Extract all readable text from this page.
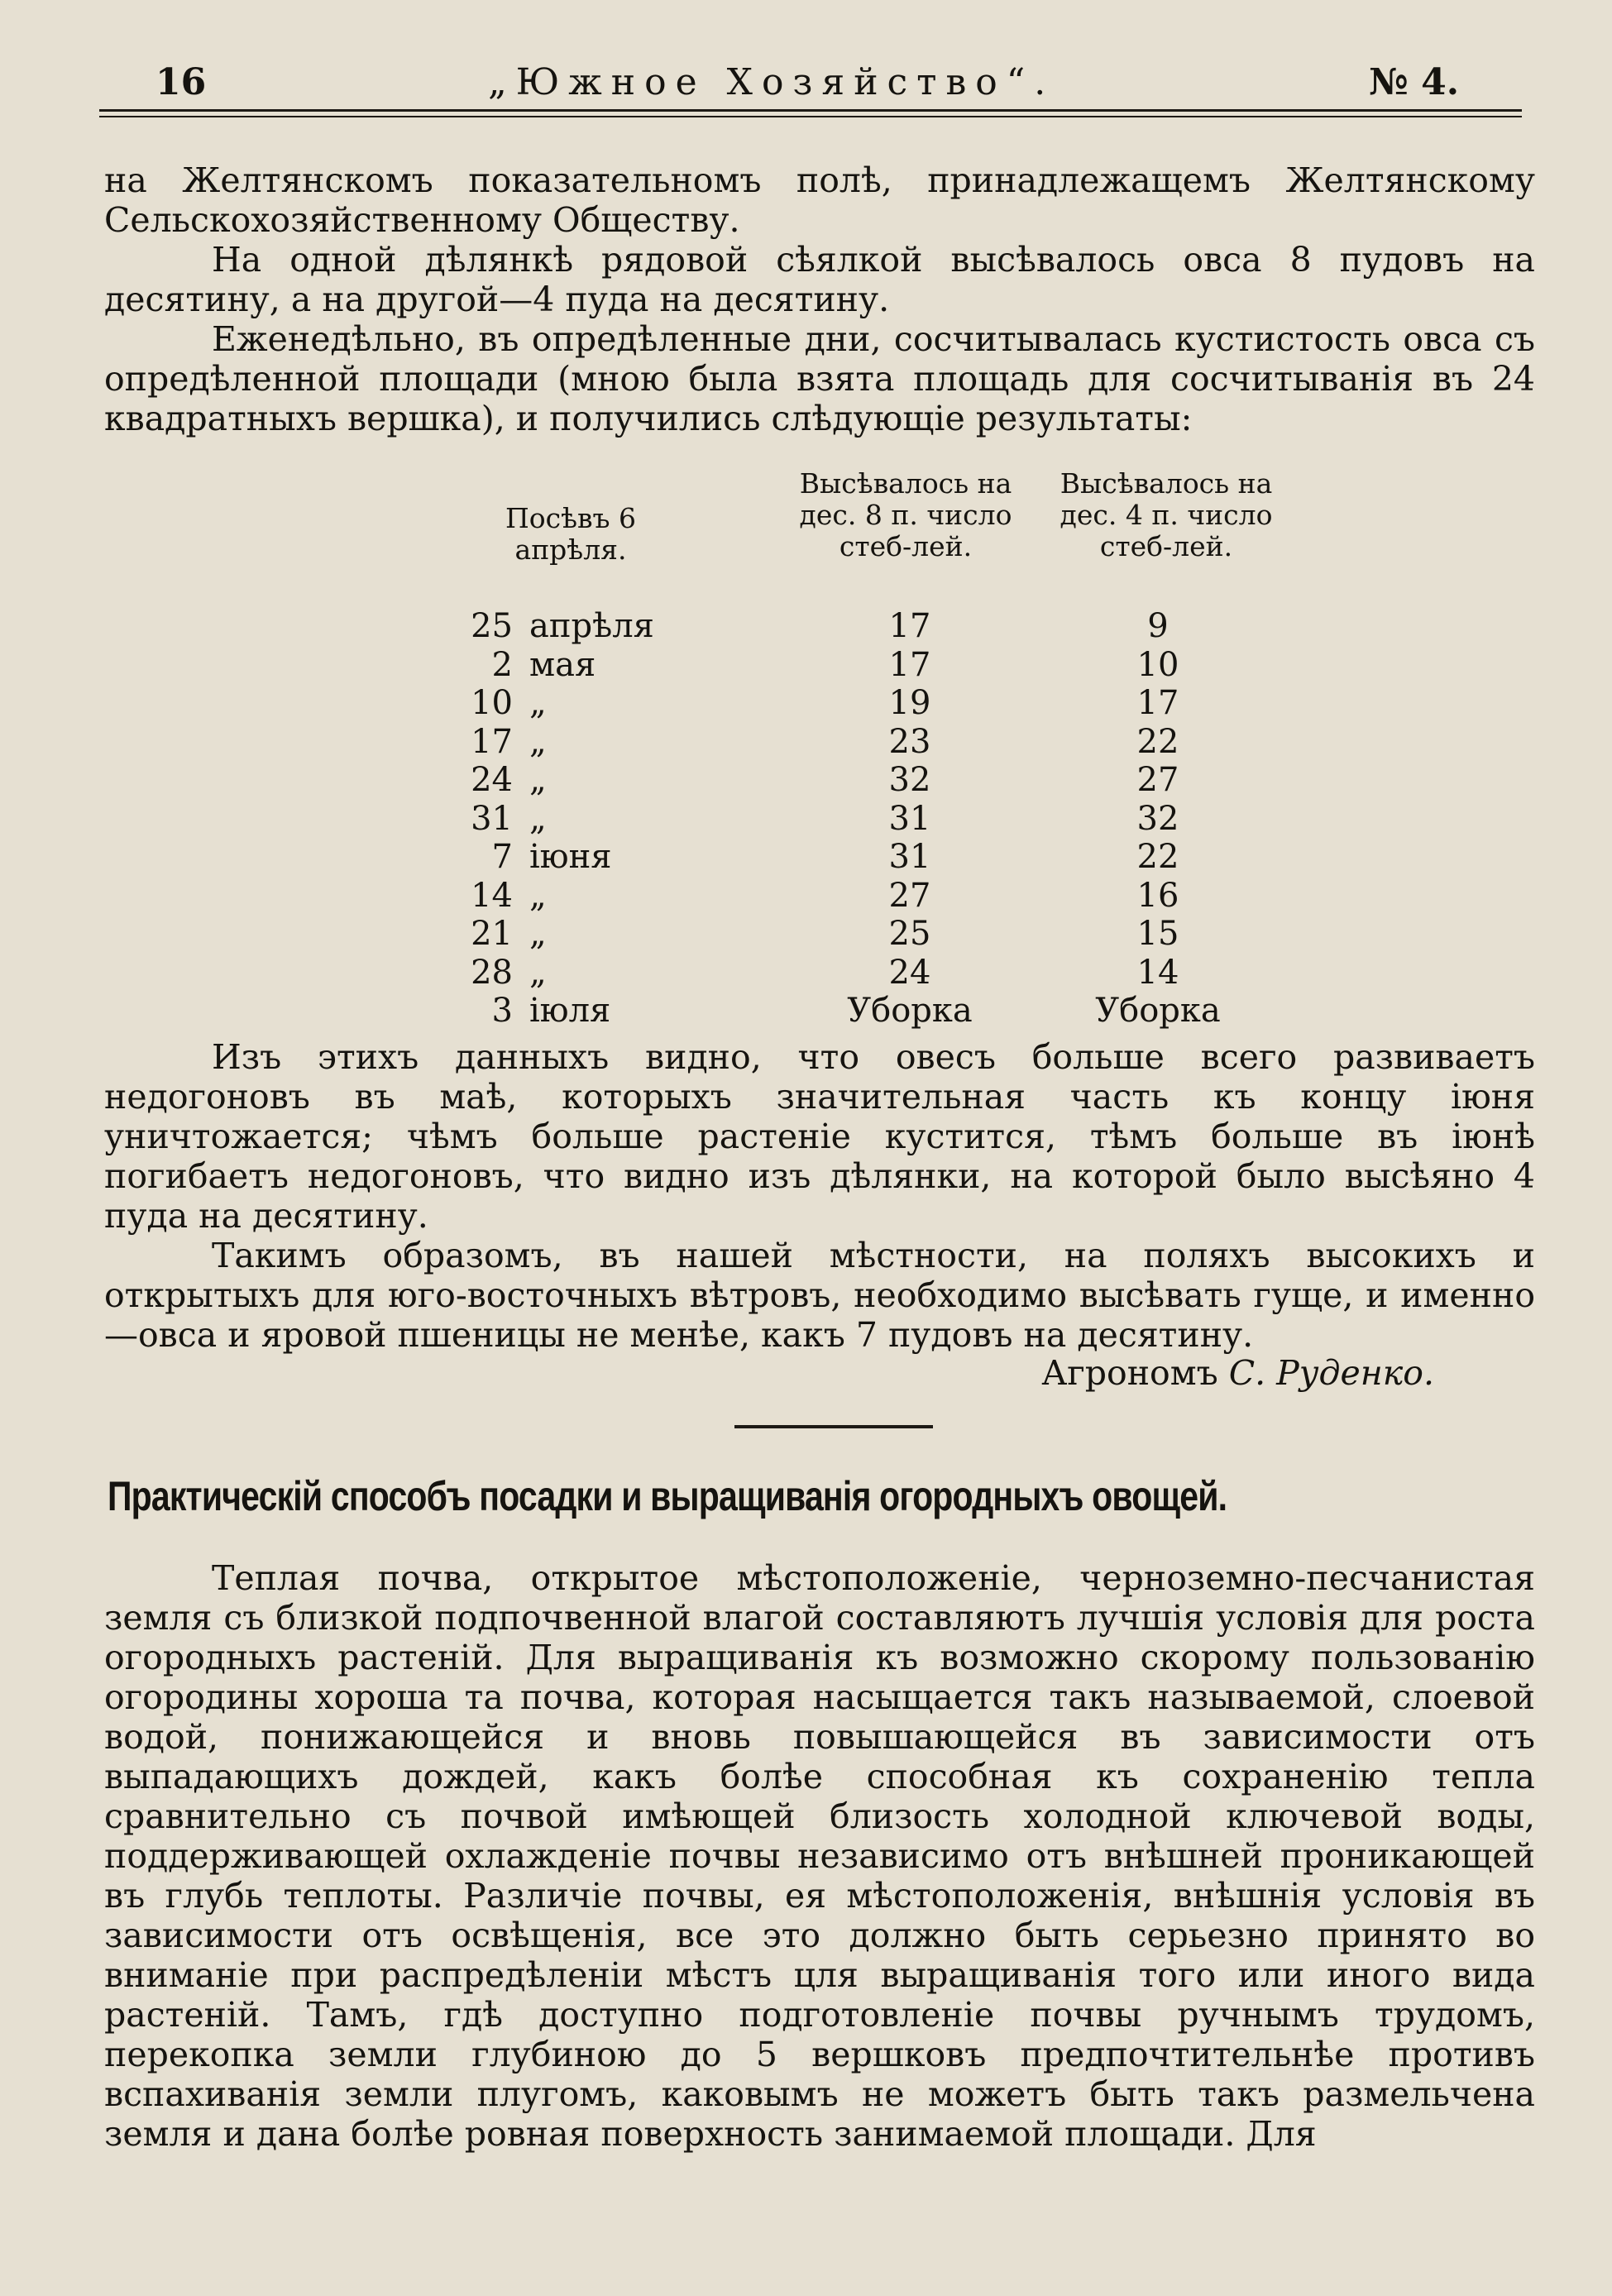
16	„Южное Хозяйство“.	№ 4.

на Желтянскомъ показательномъ полѣ, принадлежащемъ Желтянскому Сельскохозяйственному Обществу.

На одной дѣлянкѣ рядовой сѣялкой высѣвалось овса 8 пудовъ на десятину, а на другой—4 пуда на десятину.

Еженедѣльно, въ опредѣленные дни, сосчитывалась кустистость овса съ опредѣленной площади (мною была взята площадь для сосчитыванія въ 24 квадратныхъ вершка), и получились слѣдующіе результаты:

Посѣвъ 6 апрѣля.
Высѣвалось на дес. 8 п. число стеб-лей.
Высѣвалось на дес. 4 п. число стеб-лей.
25 апрѣля	17	9
2 мая	17	10
10 „	19	17
17 „	23	22
24 „	32	27
31 „	31	32
7 іюня	31	22
14 „	27	16
21 „	25	15
28 „	24	14
3 іюля	Уборка	Уборка

Изъ этихъ данныхъ видно, что овесъ больше всего развиваетъ недогоновъ въ маѣ, которыхъ значительная часть къ концу іюня уничтожается; чѣмъ больше растеніе кустится, тѣмъ больше въ іюнѣ погибаетъ недогоновъ, что видно изъ дѣлянки, на которой было высѣяно 4 пуда на десятину.

Такимъ образомъ, въ нашей мѣстности, на поляхъ высокихъ и открытыхъ для юго-восточныхъ вѣтровъ, необходимо высѣвать гуще, и именно—овса и яровой пшеницы не менѣе, какъ 7 пудовъ на десятину.

Агрономъ С. Руденко.
Практическій способъ посадки и выращиванія огородныхъ овощей.

Теплая почва, открытое мѣстоположеніе, черноземно-песчанистая земля съ близкой подпочвенной влагой составляютъ лучшія условія для роста огородныхъ растеній. Для выращиванія къ возможно скорому пользованію огородины хороша та почва, которая насыщается такъ называемой, слоевой водой, понижающейся и вновь повышающейся въ зависимости отъ выпадающихъ дождей, какъ болѣе способная къ сохраненію тепла сравнительно съ почвой имѣющей близость холодной ключевой воды, поддерживающей охлажденіе почвы независимо отъ внѣшней проникающей въ глубь теплоты. Различіе почвы, ея мѣстоположенія, внѣшнія условія въ зависимости отъ освѣщенія, все это должно быть серьезно принято во вниманіе при распредѣленіи мѣстъ цля выращиванія того или иного вида растеній. Тамъ, гдѣ доступно подготовленіе почвы ручнымъ трудомъ, перекопка земли глубиною до 5 вершковъ предпочтительнѣе противъ вспахиванія земли плугомъ, каковымъ не можетъ быть такъ размельчена земля и дана болѣе ровная поверхность занимаемой площади. Для
